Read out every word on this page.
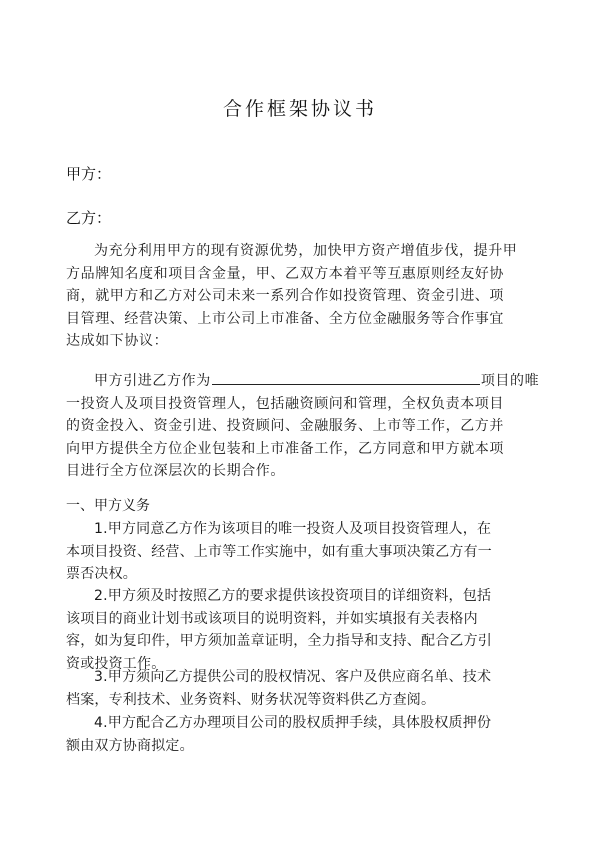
合作框架协议书
甲方：
乙方：

为充分利用甲方的现有资源优势，加快甲方资产增值步伐，提升甲
方品牌知名度和项目含金量，甲、乙双方本着平等互惠原则经友好协
商，就甲方和乙方对公司未来一系列合作如投资管理、资金引进、项
目管理、经营决策、上市公司上市准备、全方位金融服务等合作事宜
达成如下协议：

甲方引进乙方作为	项目的唯
一投资人及项目投资管理人，包括融资顾问和管理，全权负责本项目
的资金投入、资金引进、投资顾问、金融服务、上市等工作，乙方并
向甲方提供全方位企业包装和上市准备工作，乙方同意和甲方就本项
目进行全方位深层次的长期合作。

一、甲方义务

1.甲方同意乙方作为该项目的唯一投资人及项目投资管理人，在
本项目投资、经营、上市等工作实施中，如有重大事项决策乙方有一
票否决权。

2.甲方须及时按照乙方的要求提供该投资项目的详细资料，包括
该项目的商业计划书或该项目的说明资料，并如实填报有关表格内
容，如为复印件，甲方须加盖章证明，全力指导和支持、配合乙方引
资或投资工作。

3.甲方须向乙方提供公司的股权情况、客户及供应商名单、技术
档案，专利技术、业务资料、财务状况等资料供乙方查阅。

4.甲方配合乙方办理项目公司的股权质押手续，具体股权质押份
额由双方协商拟定。
